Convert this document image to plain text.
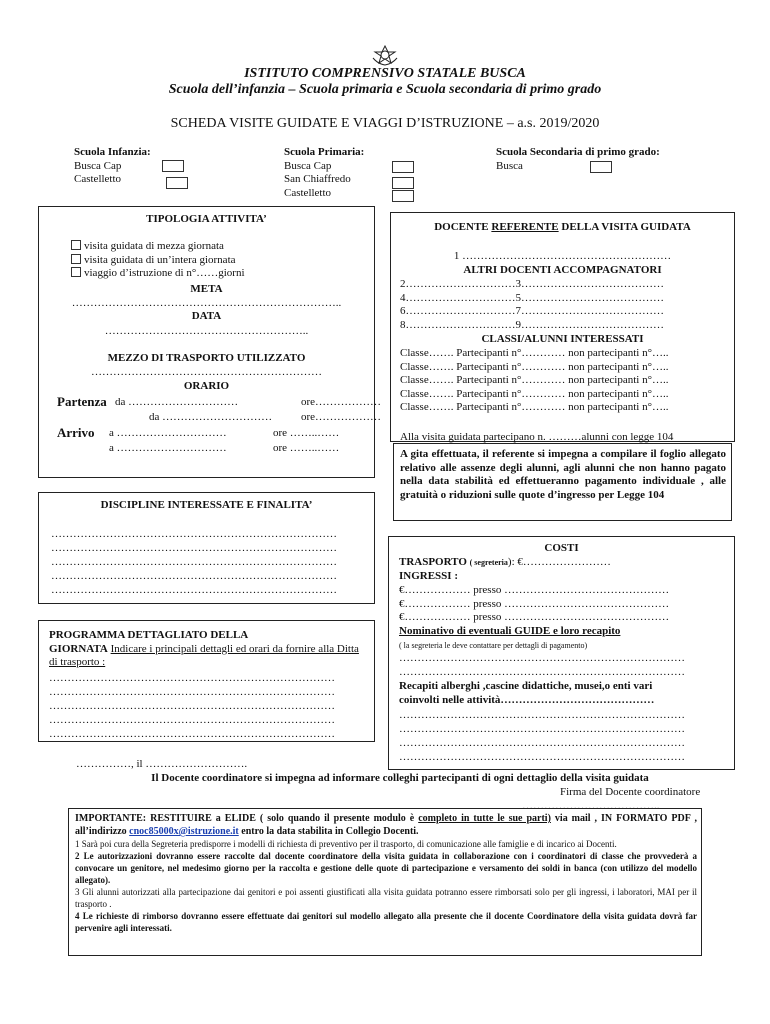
ISTITUTO COMPRENSIVO STATALE BUSCA
Scuola dell’infanzia – Scuola primaria e Scuola secondaria di primo grado
SCHEDA VISITE GUIDATE E VIAGGI D’ISTRUZIONE – a.s. 2019/2020
Scuola Infanzia:
Busca Cap
Castelletto
Scuola Primaria:
Busca Cap
San Chiaffredo
Castelletto
Scuola Secondaria di primo grado:
Busca
TIPOLOGIA ATTIVITA’
visita guidata di mezza giornata
visita guidata di un’intera giornata
viaggio d’istruzione di n°……giorni
META
………………………………………………………………..
DATA
………………………………………………..
MEZZO DI TRASPORTO UTILIZZATO
………………………………………………………
ORARIO
Partenza da …………………………	ore………………
da …………………………	ore………………
Arrivo a …………………………	ore ……..……
a …………………………	ore ……..……
DISCIPLINE INTERESSATE E FINALITA’
……………………………………………………………………
……………………………………………………………………
……………………………………………………………………
……………………………………………………………………
……………………………………………………………………
PROGRAMMA DETTAGLIATO DELLA
GIORNATA Indicare i principali dettagli ed orari da fornire alla Ditta di trasporto :
……………………………………………………………………
……………………………………………………………………
……………………………………………………………………
……………………………………………………………………
……………………………………………………………………
DOCENTE REFERENTE DELLA VISITA GUIDATA
1 …………………………………………………
ALTRI DOCENTI ACCOMPAGNATORI
2…………………………3…………………………………
4…………………………5…………………………………
6…………………………7…………………………………
8…………………………9…………………………………
CLASSI/ALUNNI INTERESSATI
Classe……. Partecipanti n°………… non partecipanti n°…..
Classe……. Partecipanti n°………… non partecipanti n°…..
Classe……. Partecipanti n°………… non partecipanti n°…..
Classe……. Partecipanti n°………… non partecipanti n°…..
Classe……. Partecipanti n°………… non partecipanti n°…..
Alla visita guidata partecipano n. ………alunni con legge 104
A gita effettuata, il referente si impegna a compilare il foglio allegato relativo alle assenze degli alunni, agli alunni che non hanno pagato nella data stabilità ed effettueranno pagamento individuale , alle gratuità o riduzioni sulle quote d’ingresso per Legge 104
COSTI
TRASPORTO ( segreteria): €……………………
INGRESSI :
€……………… presso ………………………………………
€……………… presso ………………………………………
€……………… presso ………………………………………
Nominativo di eventuali GUIDE e loro recapito
( la segreteria le deve contattare per dettagli di pagamento)
……………………………………………………………………
……………………………………………………………………
Recapiti alberghi ,cascine didattiche, musei,o enti vari
coinvolti nelle attività……………………………………
……………………………………………………………………
……………………………………………………………………
……………………………………………………………………
……………………………………………………………………
……………, il ……………………….
Il Docente coordinatore si impegna ad informare colleghi partecipanti di ogni dettaglio della visita guidata
Firma del Docente coordinatore
………………………………..
IMPORTANTE: RESTITUIRE a ELIDE ( solo quando il presente modulo è completo in tutte le sue parti) via mail , IN FORMATO PDF , all’indirizzo cnoc85000x@istruzione.it entro la data stabilita in Collegio Docenti.
1 Sarà poi cura della Segreteria predisporre i modelli di richiesta di preventivo per il trasporto, di comunicazione alle famiglie e di incarico ai Docenti.
2 Le autorizzazioni dovranno essere raccolte dal docente coordinatore della visita guidata in collaborazione con i coordinatori di classe che provvederà a convocare un genitore, nel medesimo giorno per la raccolta e gestione delle quote di partecipazione e versamento dei soldi in banca (con utilizzo del modello allegato).
3 Gli alunni autorizzati alla partecipazione dai genitori e poi assenti giustificati alla visita guidata potranno essere rimborsati solo per gli ingressi, i laboratori, MAI per il trasporto .
4 Le richieste di rimborso dovranno essere effettuate dai genitori sul modello allegato alla presente che il docente Coordinatore della visita guidata dovrà far pervenire agli interessati.
